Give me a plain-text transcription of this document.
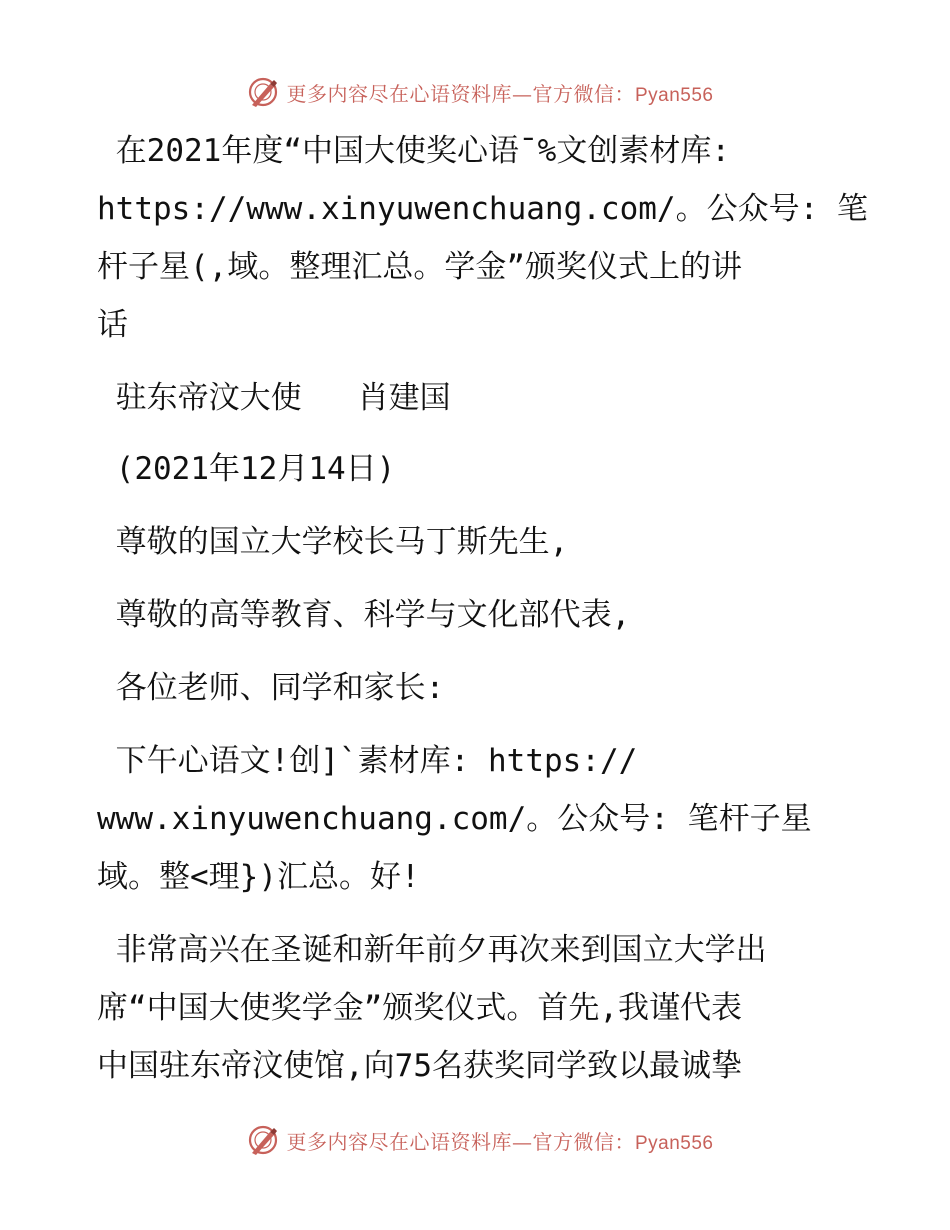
更多内容尽在心语资料库—官方微信：Pyan556

在2021年度“中国大使奖心语¯%文创素材库:
https://www.xinyuwenchuang.com/。公众号: 笔
杆子星(,域。整理汇总。学金”颁奖仪式上的讲
话

驻东帝汶大使   肖建国

(2021年12月14日)

尊敬的国立大学校长马丁斯先生,

尊敬的高等教育、科学与文化部代表,

各位老师、同学和家长:

下午心语文!创]`素材库: https://
www.xinyuwenchuang.com/。公众号: 笔杆子星
域。整<理})汇总。好!

非常高兴在圣诞和新年前夕再次来到国立大学出
席“中国大使奖学金”颁奖仪式。首先,我谨代表
中国驻东帝汶使馆,向75名获奖同学致以最诚挚

更多内容尽在心语资料库—官方微信：Pyan556
